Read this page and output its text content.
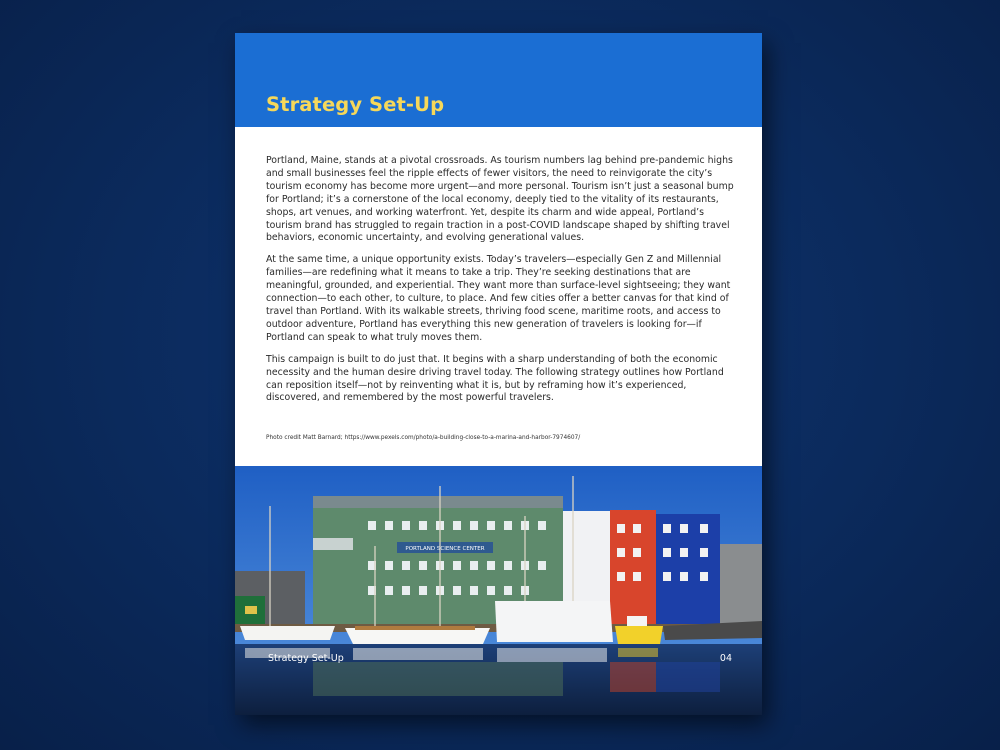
Strategy Set-Up

Portland, Maine, stands at a pivotal crossroads. As tourism numbers lag behind pre-pandemic highs and small businesses feel the ripple effects of fewer visitors, the need to reinvigorate the city’s tourism economy has become more urgent—and more personal. Tourism isn’t just a seasonal bump for Portland; it’s a cornerstone of the local economy, deeply tied to the vitality of its restaurants, shops, art venues, and working waterfront. Yet, despite its charm and wide appeal, Portland’s tourism brand has struggled to regain traction in a post-COVID landscape shaped by shifting travel behaviors, economic uncertainty, and evolving generational values.

At the same time, a unique opportunity exists. Today’s travelers—especially Gen Z and Millennial families—are redefining what it means to take a trip. They’re seeking destinations that are meaningful, grounded, and experiential. They want more than surface-level sightseeing; they want connection—to each other, to culture, to place. And few cities offer a better canvas for that kind of travel than Portland. With its walkable streets, thriving food scene, maritime roots, and access to outdoor adventure, Portland has everything this new generation of travelers is looking for—if Portland can speak to what truly moves them.

This campaign is built to do just that. It begins with a sharp understanding of both the economic necessity and the human desire driving travel today. The following strategy outlines how Portland can reposition itself—not by reinventing what it is, but by reframing how it’s experienced, discovered, and remembered by the most powerful travelers.

Photo credit Matt Barnard; https://www.pexels.com/photo/a-building-close-to-a-marina-and-harbor-7974607/
PORTLAND SCIENCE CENTER
Strategy Set-Up	04
